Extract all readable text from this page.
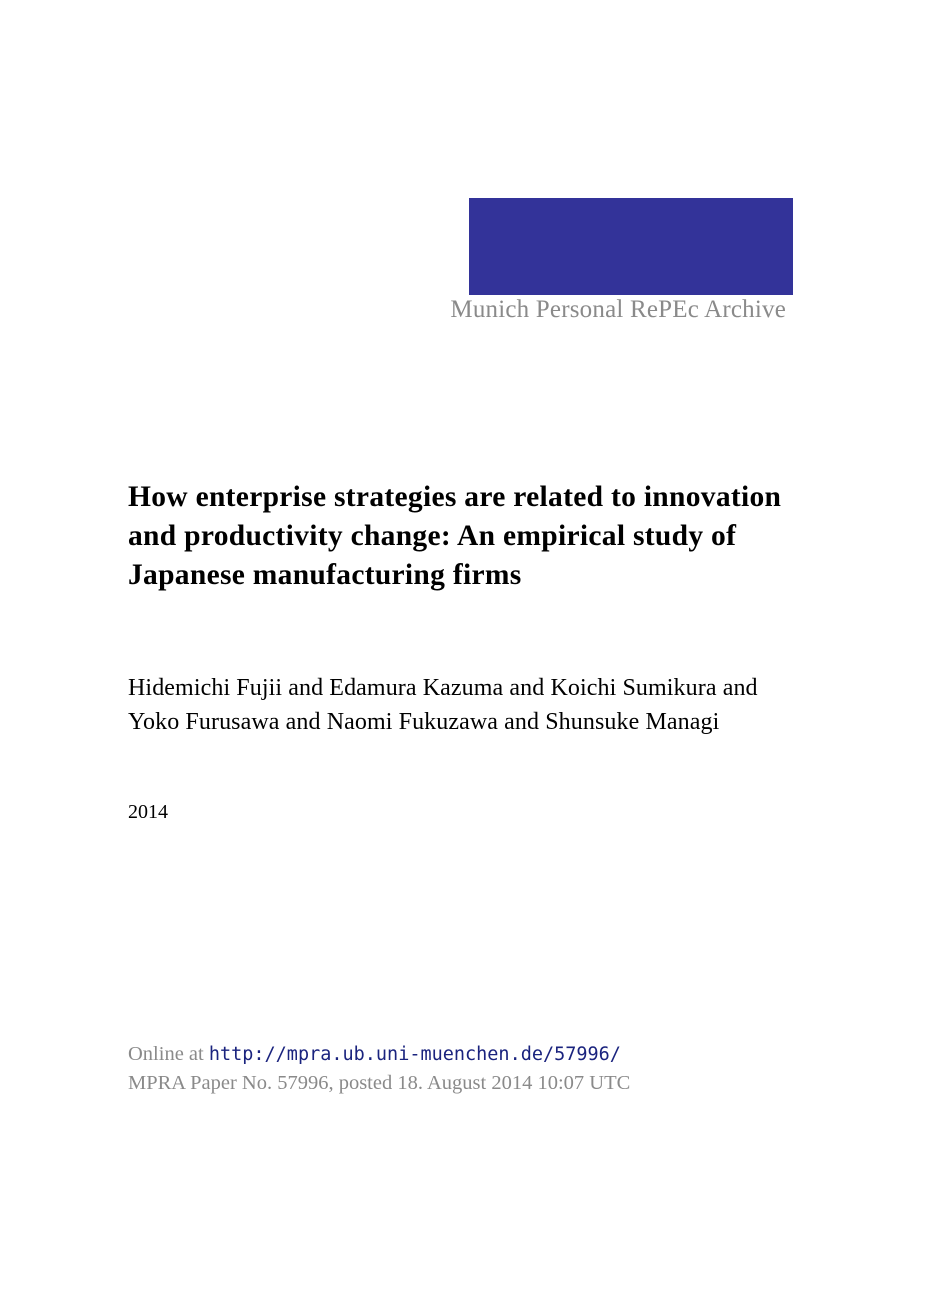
Munich Personal RePEc Archive
How enterprise strategies are related to innovation and productivity change: An empirical study of Japanese manufacturing firms

Hidemichi Fujii and Edamura Kazuma and Koichi Sumikura and Yoko Furusawa and Naomi Fukuzawa and Shunsuke Managi

2014

Online at http://mpra.ub.uni-muenchen.de/57996/
MPRA Paper No. 57996, posted 18. August 2014 10:07 UTC
